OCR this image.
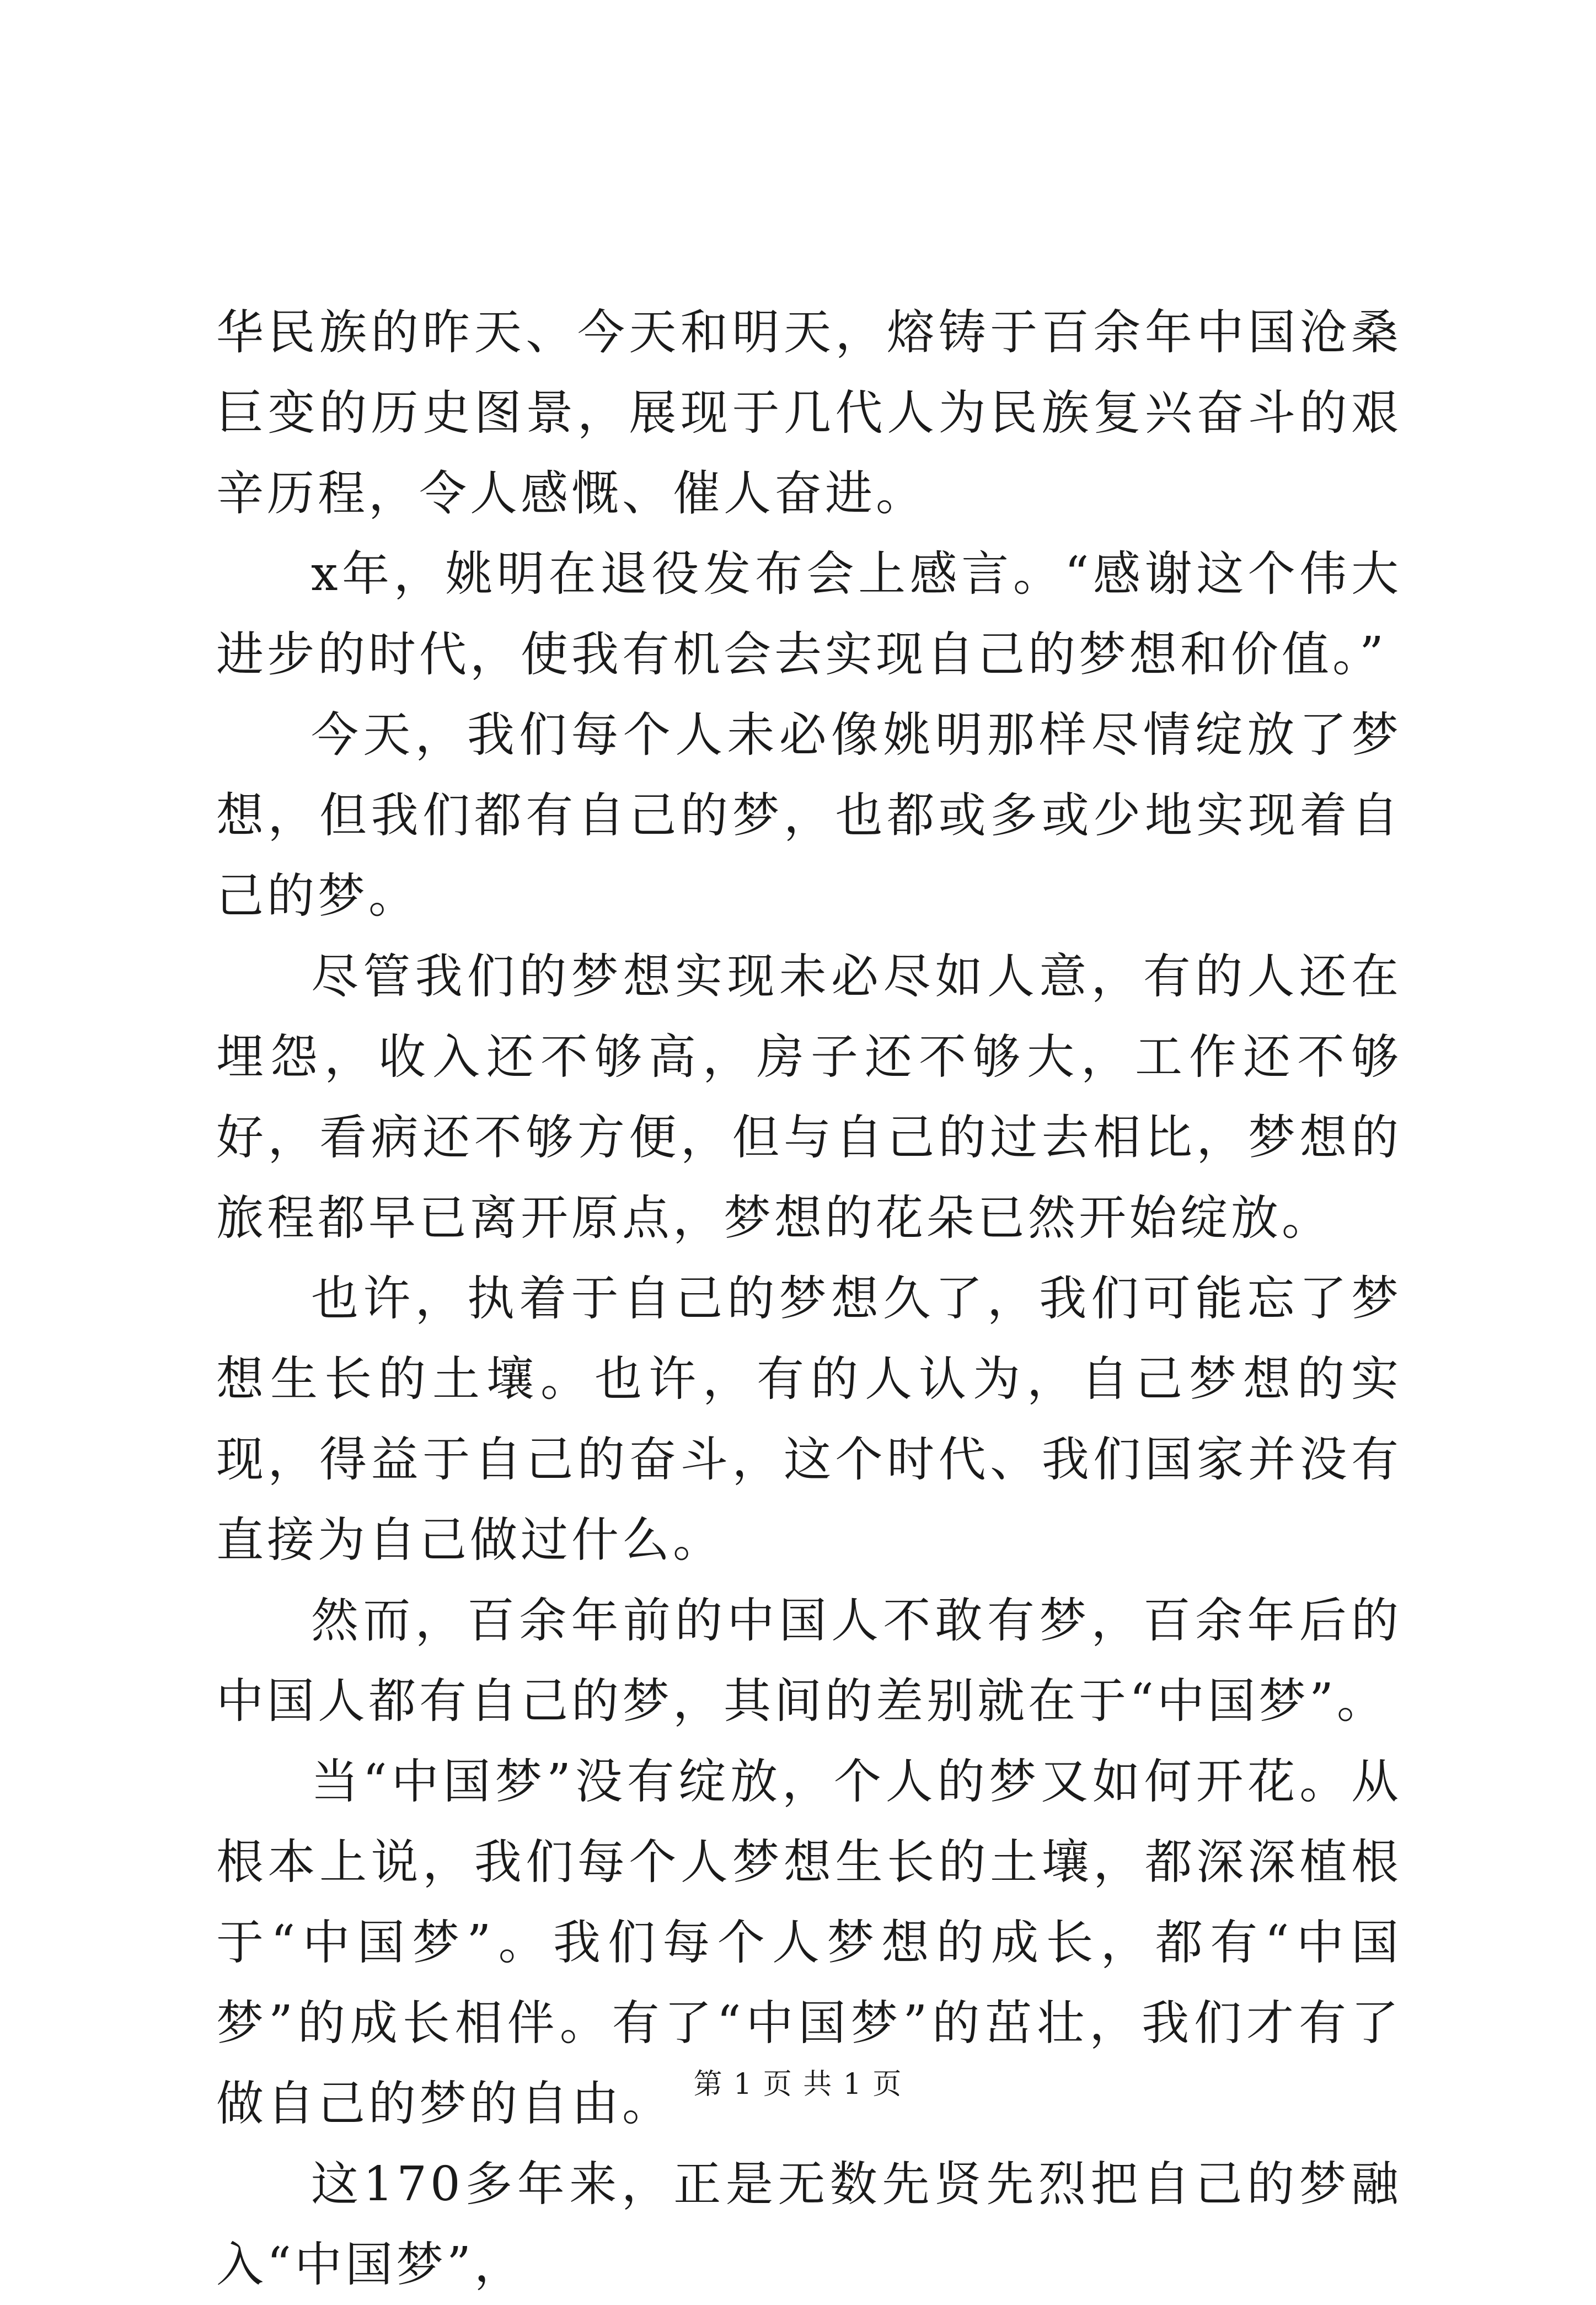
华民族的昨天、今天和明天，熔铸于百余年中国沧桑巨变的历史图景，展现于几代人为民族复兴奋斗的艰辛历程，令人感慨、催人奋进。

x年，姚明在退役发布会上感言。“感谢这个伟大进步的时代，使我有机会去实现自己的梦想和价值。”

今天，我们每个人未必像姚明那样尽情绽放了梦想，但我们都有自己的梦，也都或多或少地实现着自己的梦。

尽管我们的梦想实现未必尽如人意，有的人还在埋怨，收入还不够高，房子还不够大，工作还不够好，看病还不够方便，但与自己的过去相比，梦想的旅程都早已离开原点，梦想的花朵已然开始绽放。

也许，执着于自己的梦想久了，我们可能忘了梦想生长的土壤。也许，有的人认为，自己梦想的实现，得益于自己的奋斗，这个时代、我们国家并没有直接为自己做过什么。

然而，百余年前的中国人不敢有梦，百余年后的中国人都有自己的梦，其间的差别就在于“中国梦”。

当“中国梦”没有绽放，个人的梦又如何开花。从根本上说，我们每个人梦想生长的土壤，都深深植根于“中国梦”。我们每个人梦想的成长，都有“中国梦”的成长相伴。有了“中国梦”的茁壮，我们才有了做自己的梦的自由。

这170多年来，正是无数先贤先烈把自己的梦融入“中国梦”，

第 1 页 共 1 页
